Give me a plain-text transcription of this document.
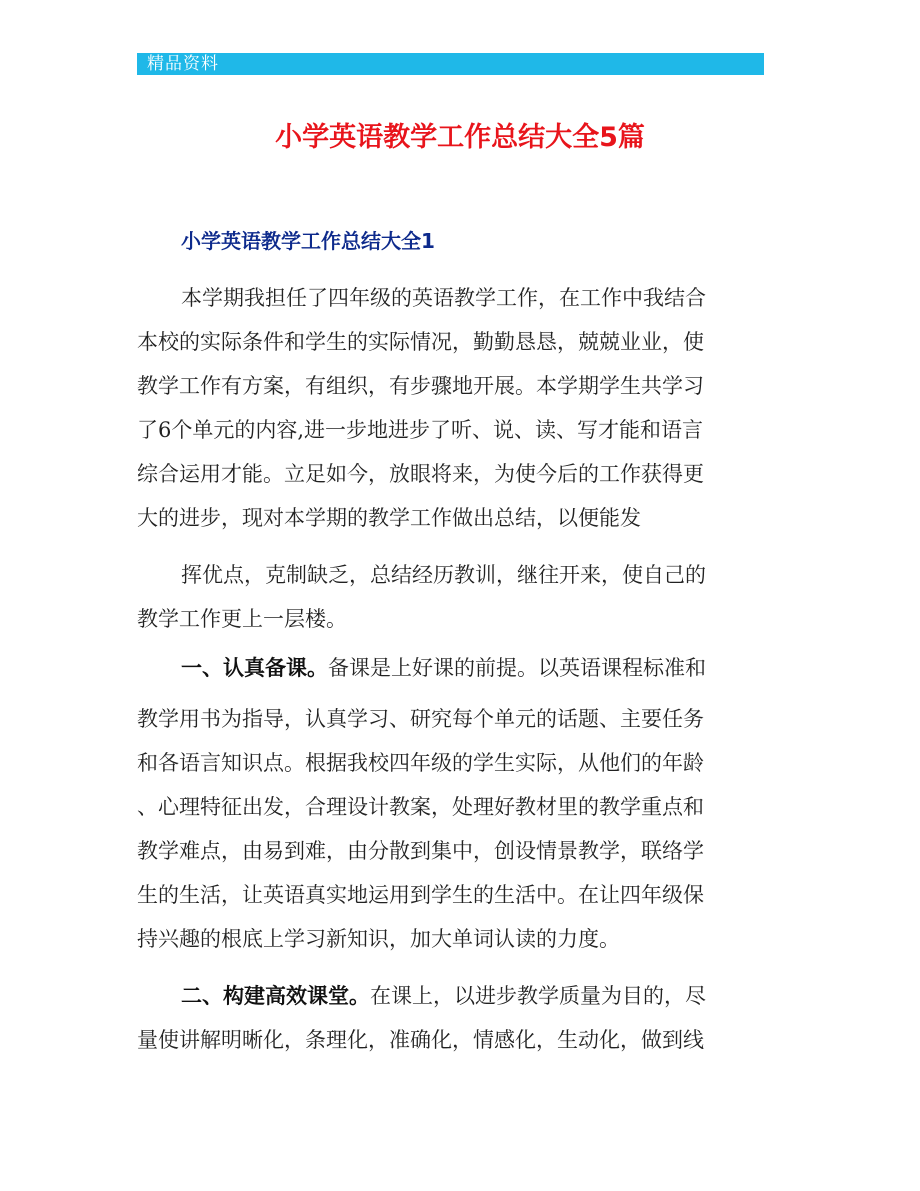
精品资料
小学英语教学工作总结大全5篇
小学英语教学工作总结大全1
本学期我担任了四年级的英语教学工作，在工作中我结合
本校的实际条件和学生的实际情况，勤勤恳恳，兢兢业业，使
教学工作有方案，有组织，有步骤地开展。本学期学生共学习
了6个单元的内容,进一步地进步了听、说、读、写才能和语言
综合运用才能。立足如今，放眼将来，为使今后的工作获得更
大的进步，现对本学期的教学工作做出总结，以便能发
挥优点，克制缺乏，总结经历教训，继往开来，使自己的
教学工作更上一层楼。
一、认真备课。备课是上好课的前提。以英语课程标准和
教学用书为指导，认真学习、研究每个单元的话题、主要任务
和各语言知识点。根据我校四年级的学生实际，从他们的年龄
、心理特征出发，合理设计教案，处理好教材里的教学重点和
教学难点，由易到难，由分散到集中，创设情景教学，联络学
生的生活，让英语真实地运用到学生的生活中。在让四年级保
持兴趣的根底上学习新知识，加大单词认读的力度。
二、构建高效课堂。在课上，以进步教学质量为目的，尽
量使讲解明晰化，条理化，准确化，情感化，生动化，做到线
